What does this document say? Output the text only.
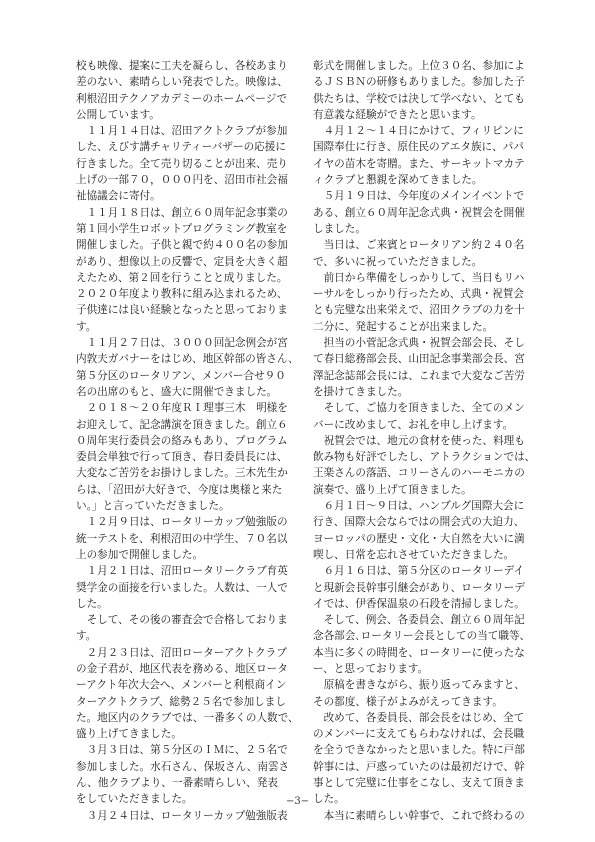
校も映像、提案に工夫を凝らし、各校あまり
差のない、素晴らしい発表でした。映像は、
利根沼田テクノアカデミーのホームページで
公開しています。
　１１月１４日は、沼田アクトクラブが参加
した、えびす講チャリティーバザーの応援に
行きました。全て売り切ることが出来、売り
上げの一部７０，０００円を、沼田市社会福
祉協議会に寄付。
　１１月１８日は、創立６０周年記念事業の
第１回小学生ロボットプログラミング教室を
開催しました。子供と親で約４００名の参加
があり、想像以上の反響で、定員を大きく超
えたため、第２回を行うことと成りました。
２０２０年度より教科に組み込まれるため、
子供達には良い経験となったと思っておりま
す。
　１１月２７日は、３０００回記念例会が宮
内敦夫ガバナーをはじめ、地区幹部の皆さん、
第５分区のロータリアン、メンバー合せ９０
名の出席のもと、盛大に開催できました。
　２０１８～２０年度ＲＩ理事三木　明様を
お迎えして、記念講演を頂きました。創立６
０周年実行委員会の絡みもあり、プログラム
委員会単独で行って頂き、春日委員長には、
大変なご苦労をお掛けしました。三木先生か
らは、「沼田が大好きで、今度は奥様と来た
い。」と言っていただきました。
　１２月９日は、ロータリーカップ勉強版の
統一テストを、利根沼田の中学生、７０名以
上の参加で開催しました。
　１月２１日は、沼田ロータリークラブ育英
奨学金の面接を行いました。人数は、一人で
した。
　そして、その後の審査会で合格しておりま
す。
　２月２３日は、沼田ローターアクトクラブ
の金子君が、地区代表を務める、地区ロータ
ーアクト年次大会へ、メンバーと利根商イン
ターアクトクラブ、総勢２５名で参加しまし
た。地区内のクラブでは、一番多くの人数で、
盛り上げてきました。
　３月３日は、第５分区のＩＭに、２５名で
参加しました。水石さん、保坂さん、南雲さ
ん、他クラブより、一番素晴らしい、発表
をしていただきました。
　３月２４日は、ロータリーカップ勉強版表
彰式を開催しました。上位３０名、参加によ
るＪＳＢＮの研修もありました。参加した子
供たちは、学校では決して学べない、とても
有意義な経験ができたと思います。
　４月１２～１４日にかけて、フィリピンに
国際奉仕に行き、原住民のアエタ族に、パパ
イヤの苗木を寄贈。また、サーキットマカテ
ィクラブと懇親を深めてきました。
　５月１９日は、今年度のメインイベントで
ある、創立６０周年記念式典・祝賀会を開催
しました。
　当日は、ご来賓とロータリアン約２４０名
で、多いに祝っていただきました。
　前日から準備をしっかりして、当日もリハ
ーサルをしっかり行ったため、式典・祝賀会
とも完璧な出来栄えで、沼田クラブの力を十
二分に、発起することが出来ました。
　担当の小菅記念式典・祝賀会部会長、そし
て春日総務部会長、山田記念事業部会長、宮
澤記念誌部会長には、これまで大変なご苦労
を掛けてきました。
　そして、ご協力を頂きました、全てのメン
バーに改めまして、お礼を申し上げます。
　祝賀会では、地元の食材を使った、料理も
飲み物も好評でしたし、アトラクションでは、
王楽さんの落語、コリーさんのハーモニカの
演奏で、盛り上げて頂きました。
　６月１日～９日は、ハンブルグ国際大会に
行き、国際大会ならではの開会式の大迫力、
ヨーロッパの歴史・文化・大自然を大いに満
喫し、日常を忘れさせていただきました。
　６月１６日は、第５分区のロータリーデイ
と現新会長幹事引継会があり、ロータリーデ
イでは、伊香保温泉の石段を清掃しました。
　そして、例会、各委員会、創立６０周年記
念各部会､ロータリー会長としての当て職等、
本当に多くの時間を、ロータリーに使ったな
ー、と思っております。
　原稿を書きながら、振り返ってみますと、
その都度、様子がよみがえってきます。
　改めて、各委員長、部会長をはじめ、全て
のメンバーに支えてもらわなければ、会長職
を全うできなかったと思いました。特に戸部
幹事には、戸惑っていたのは最初だけで、幹
事として完璧に仕事をこなし、支えて頂きま
した。
　本当に素晴らしい幹事で、これで終わるの
−3−
